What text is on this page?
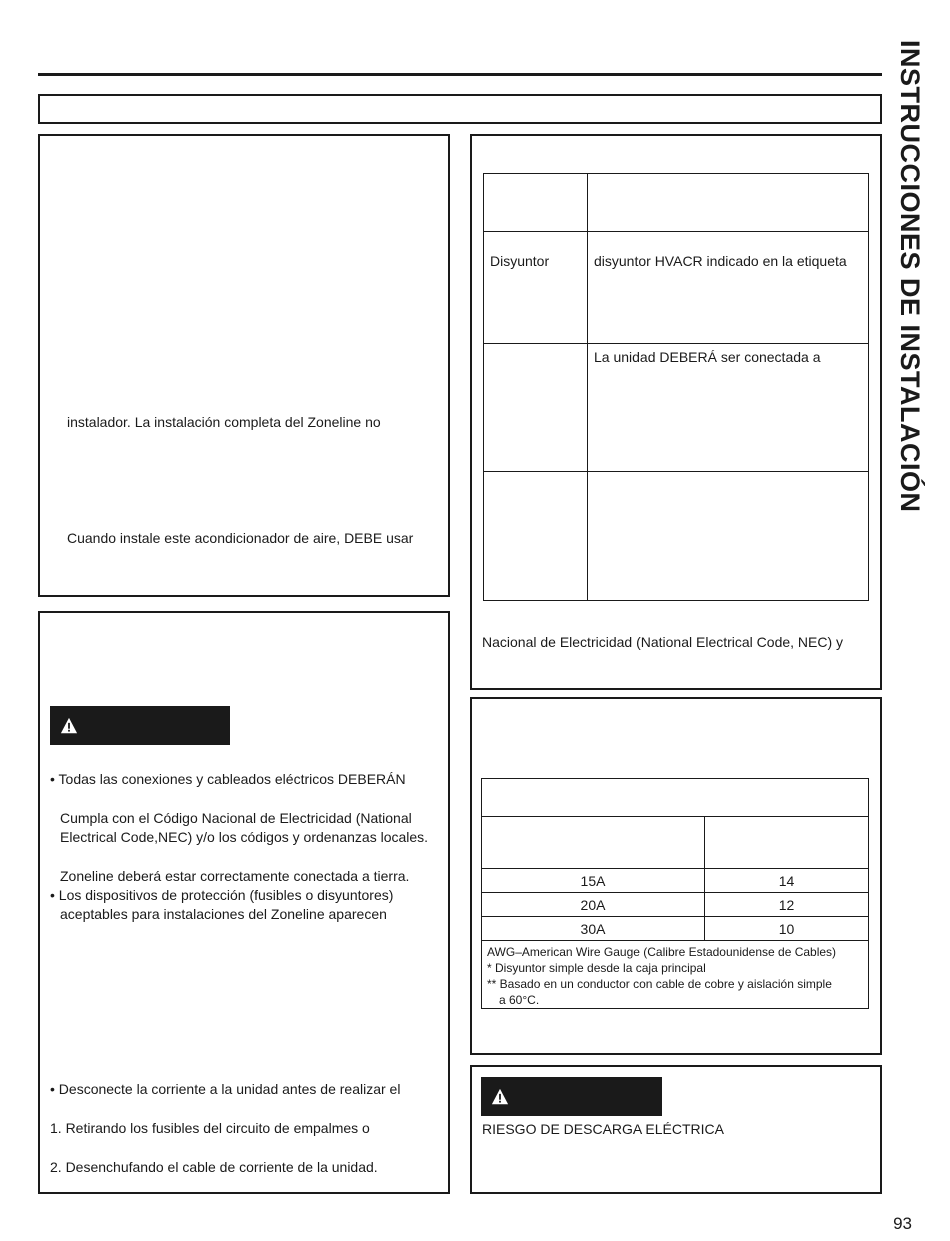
INSTRUCCIONES DE INSTALACIÓN
instalador. La instalación completa del Zoneline no
Cuando instale este acondicionador de aire, DEBE usar
• Todas las conexiones y cableados eléctricos DEBERÁN
Cumpla con el Código Nacional de Electricidad (National
Electrical Code,NEC) y/o los códigos y ordenanzas locales.
Zoneline deberá estar correctamente conectada a tierra.
• Los dispositivos de protección (fusibles o disyuntores)
aceptables para instalaciones del Zoneline aparecen
• Desconecte la corriente a la unidad antes de realizar el
1. Retirando los fusibles del circuito de empalmes o
2. Desenchufando el cable de corriente de la unidad.

Disyuntor	disyuntor HVACR indicado en la etiqueta
	La unidad DEBERÁ ser conectada a

Nacional de Electricidad (National Electrical Code, NEC) y

15A	14
20A	12
30A	10

AWG–American Wire Gauge (Calibre Estadounidense de Cables)
* Disyuntor simple desde la caja principal
** Basado en un conductor con cable de cobre y aislación simple
a 60°C.	
RIESGO DE DESCARGA ELÉCTRICA
93
